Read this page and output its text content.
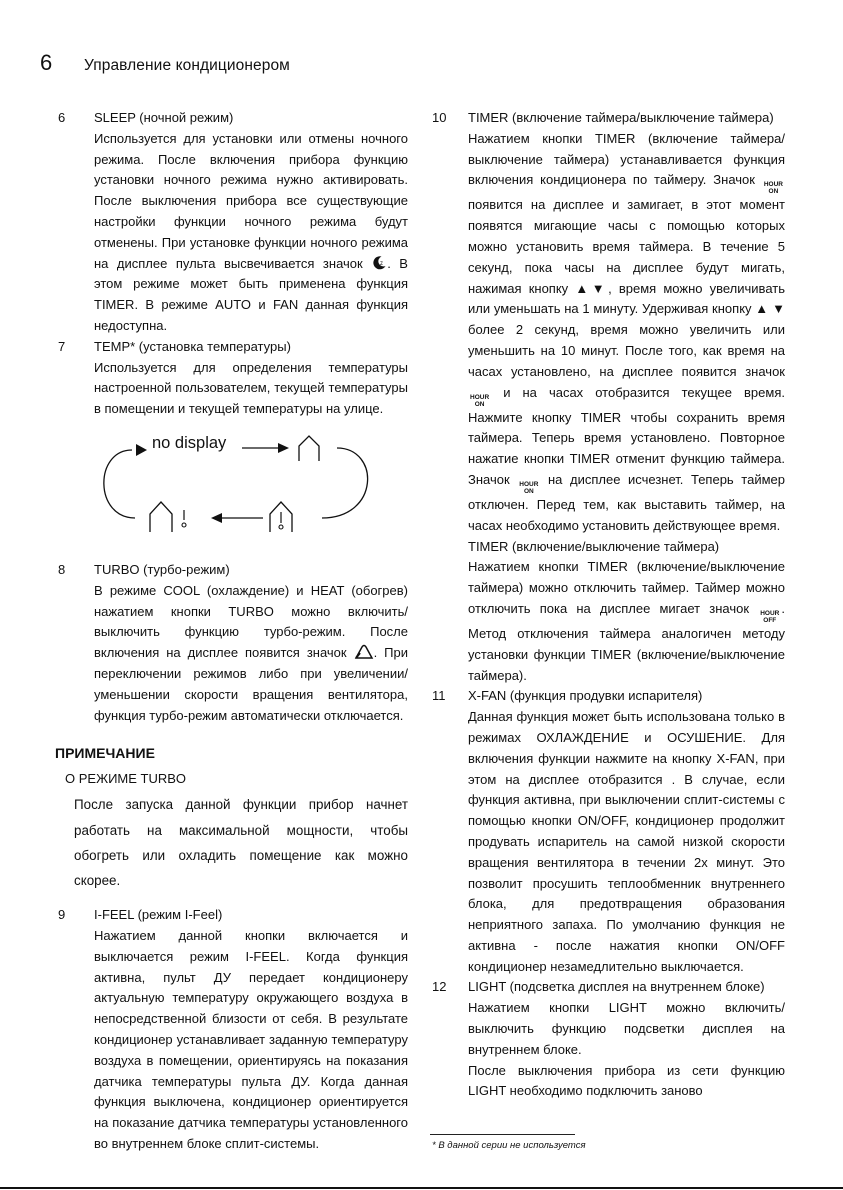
6	Управление кондиционером
6 SLEEP (ночной режим)

Используется для установки или отмены ночного режима. После включения прибора функцию установки ночного режима нужно активировать. После выключения прибора все существующие настройки функции ночного режима будут отменены. При установке функции ночного режима на дисплее пульта высвечивается значок	z . В этом режиме может быть применена функция TIMER. В режиме AUTO и FAN данная функция недоступна.

7 TEMP* (установка температуры)

Используется для определения температуры настроенной пользователем, текущей температуры в помещении и текущей температуры на улице.

no display
8 TURBO (турбо-режим)

В режиме COOL (охлаждение) и HEAT (обогрев) нажатием кнопки TURBO можно включить/выключить функцию турбо-режим. После включения на дисплее появится значок . При переключении режимов либо при увеличении/уменьшении скорости вращения вентилятора, функция турбо-режим автоматически отключается.

ПРИМЕЧАНИЕ
О РЕЖИМЕ TURBO

После запуска данной функции прибор начнет работать на максимальной мощности, чтобы обогреть или охладить помещение как можно скорее.

9 I-FEEL (режим I-Feel)

Нажатием данной кнопки включается и выключается режим I-FEEL. Когда функция активна, пульт ДУ передает кондиционеру актуальную температуру окружающего воздуха в непосредственной близости от себя. В результате кондиционер устанавливает заданную температуру воздуха в помещении, ориентируясь на показания датчика температуры пульта ДУ. Когда данная функция выключена, кондиционер ориентируется на показание датчика температуры установленного во внутреннем блоке сплит-системы.

10 TIMER (включение таймера/выключение таймера)

Нажатием кнопки TIMER (включение таймера/выключение таймера) устанавливается функция включения кондиционера по таймеру. Значок HOUR
ON
появится на дисплее и замигает, в этот момент появятся мигающие часы с помощью которых можно установить время таймера. В течение 5 секунд, пока часы на дисплее будут мигать, нажимая кнопку ▲▼, время можно увеличивать или уменьшать на 1 минуту. Удерживая кнопку ▲ ▼ более 2 секунд, время можно увеличить или уменьшить на 10 минут. После того, как время на часах установлено, на дисплее появится значок
HOUR
ON
и на часах отобразится текущее время. Нажмите кнопку TIMER чтобы сохранить время таймера. Теперь время установлено. Повторное нажатие кнопки TIMER отменит функцию таймера. Значок HOUR
ON
на дисплее исчезнет. Теперь таймер отключен. Перед тем, как выставить таймер, на часах необходимо установить действующее время.

TIMER (включение/выключение таймера)

Нажатием кнопки TIMER (включение/выключение таймера) можно отключить таймер. Таймер можно отключить пока на дисплее мигает значок HOUR
OFF
. Метод отключения таймера аналогичен методу установки функции TIMER (включение/выключение таймера).

11 X-FAN (функция продувки испарителя)

Данная функция может быть использована только в режимах ОХЛАЖДЕНИЕ и ОСУШЕНИЕ. Для включения функции нажмите на кнопку X-FAN, при этом на дисплее отобразится . В случае, если функция активна, при выключении сплит-системы с помощью кнопки ON/OFF, кондиционер продолжит продувать испаритель на самой низкой скорости вращения вентилятора в течении 2х минут. Это позволит просушить теплообменник внутреннего блока, для предотвращения образования неприятного запаха. По умолчанию функция не активна - после нажатия кнопки ON/OFF кондиционер незамедлительно выключается.

12 LIGHT (подсветка дисплея на внутреннем блоке)

Нажатием кнопки LIGHT можно включить/выключить функцию подсветки дисплея на внутреннем блоке.

После выключения прибора из сети функцию LIGHT необходимо подключить заново

* В данной серии не используется
